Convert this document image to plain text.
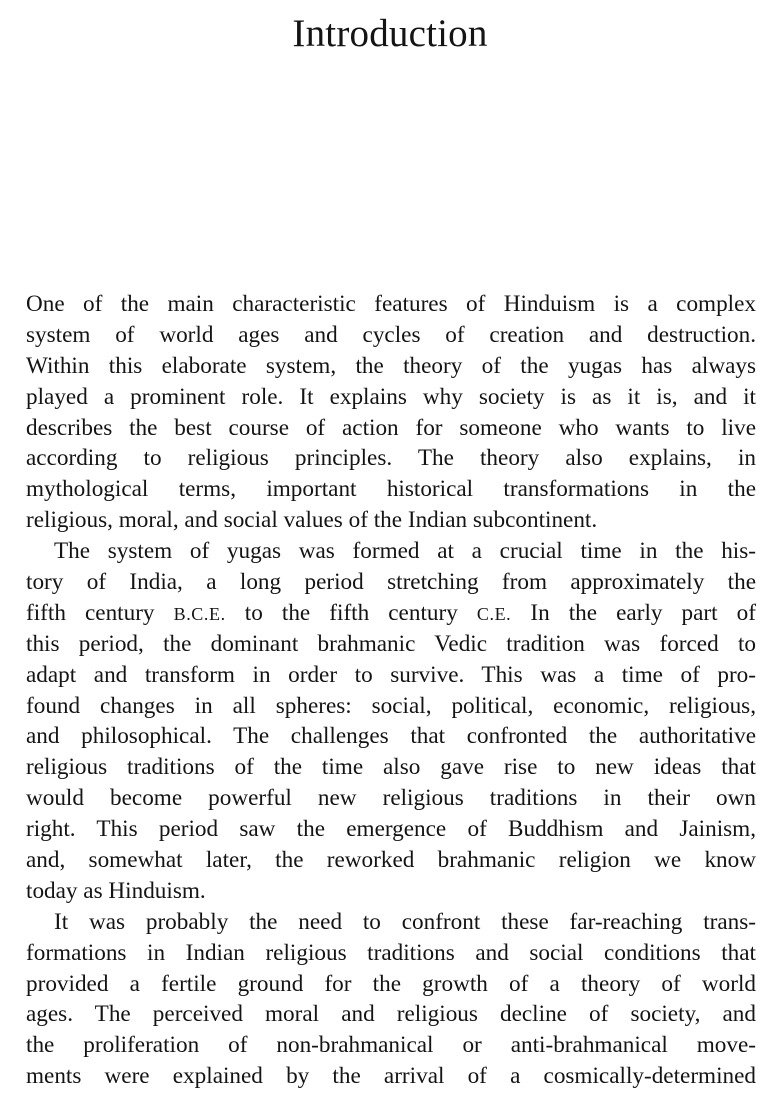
Introduction

One of the main characteristic features of Hinduism is a complex
system of world ages and cycles of creation and destruction.
Within this elaborate system, the theory of the yugas has always
played a prominent role. It explains why society is as it is, and it
describes the best course of action for someone who wants to live
according to religious principles. The theory also explains, in
mythological terms, important historical transformations in the
religious, moral, and social values of the Indian subcontinent.

The system of yugas was formed at a crucial time in the his-
tory of India, a long period stretching from approximately the
fifth century B.C.E. to the fifth century C.E. In the early part of
this period, the dominant brahmanic Vedic tradition was forced to
adapt and transform in order to survive. This was a time of pro-
found changes in all spheres: social, political, economic, religious,
and philosophical. The challenges that confronted the authoritative
religious traditions of the time also gave rise to new ideas that
would become powerful new religious traditions in their own
right. This period saw the emergence of Buddhism and Jainism,
and, somewhat later, the reworked brahmanic religion we know
today as Hinduism.

It was probably the need to confront these far-reaching trans-
formations in Indian religious traditions and social conditions that
provided a fertile ground for the growth of a theory of world
ages. The perceived moral and religious decline of society, and
the proliferation of non-brahmanical or anti-brahmanical move-
ments were explained by the arrival of a cosmically-determined
